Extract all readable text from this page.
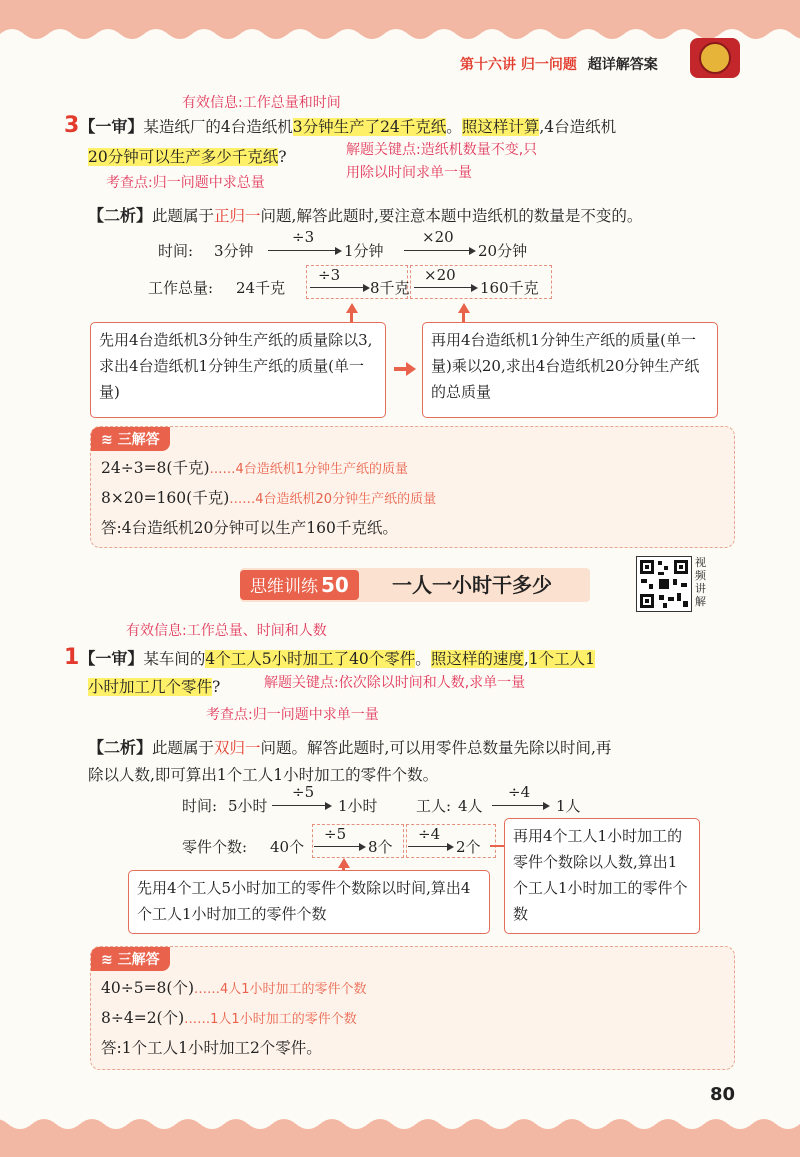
第十六讲 归一问题 超详解答案
80
有效信息:工作总量和时间
3【一审】某造纸厂的4台造纸机3分钟生产了24千克纸。照这样计算,4台造纸机
20分钟可以生产多少千克纸?	解题关键点:造纸机数量不变,只
用除以时间求单一量
考查点:归一问题中求总量
【二析】此题属于正归一问题,解答此题时,要注意本题中造纸机的数量是不变的。
时间: 3分钟
÷3
1分钟
×20
20分钟
工作总量: 24千克
÷3
8千克
×20
160千克
先用4台造纸机3分钟生产纸的质量除以3,求出4台造纸机1分钟生产纸的质量(单一量)
再用4台造纸机1分钟生产纸的质量(单一量)乘以20,求出4台造纸机20分钟生产纸的总质量
≋ 三解答
24÷3=8(千克)……4台造纸机1分钟生产纸的质量
8×20=160(千克)……4台造纸机20分钟生产纸的质量
答:4台造纸机20分钟可以生产160千克纸。
思维训练 50	一人一小时干多少
视频讲解
有效信息:工作总量、时间和人数
1【一审】某车间的4个工人5小时加工了40个零件。照这样的速度,1个工人1
小时加工几个零件?	解题关键点:依次除以时间和人数,求单一量
考查点:归一问题中求单一量
【二析】此题属于双归一问题。解答此题时,可以用零件总数量先除以时间,再
除以人数,即可算出1个工人1小时加工的零件个数。
时间: 5小时
÷5
1小时	工人: 4人
÷4
1人
零件个数: 40个
÷5
8个
÷4
2个
先用4个工人5小时加工的零件个数除以时间,算出4个工人1小时加工的零件个数
再用4个工人1小时加工的零件个数除以人数,算出1个工人1小时加工的零件个数
≋ 三解答
40÷5=8(个)……4人1小时加工的零件个数
8÷4=2(个)……1人1小时加工的零件个数
答:1个工人1小时加工2个零件。
